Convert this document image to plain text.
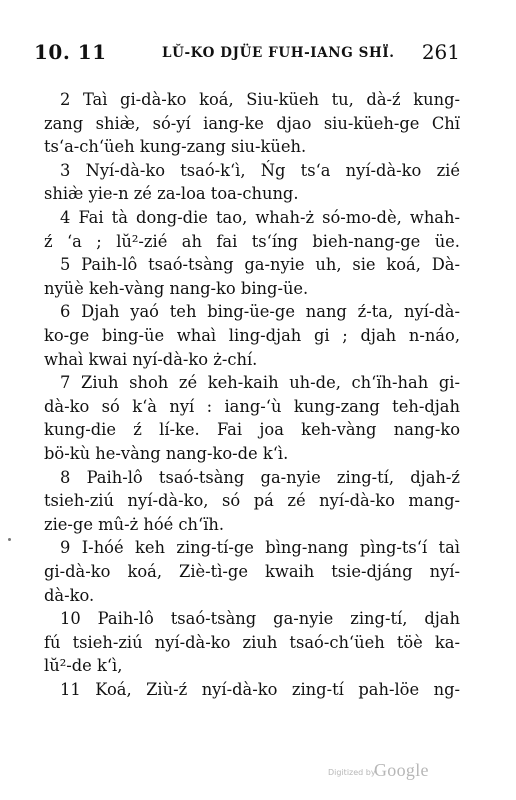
10. 11	LŬ-KO DJÜE FUH-IANG SHÏ. 261
2 Taì gi-dà-ko koá, Siu-küeh tu, dà-ź kung-
zang shiæ̀, só-yí iang-ke djao siu-küeh-ge Chï
ts‘a-ch‘üeh kung-zang siu-küeh.
3 Nyí-dà-ko tsaó-k‘ì, Ńg ts‘a nyí-dà-ko zié
shiæ̀ yie-n zé za-loa toa-chung.
4 Fai tà dong-die tao, whah-ż só-mo-dè, whah-
ź ‘a ; lŭ²-zié ah fai ts‘íng bieh-nang-ge üe.
5 Paih-lô tsaó-tsàng ga-nyie uh, sie koá, Dà-
nyüè keh-vàng nang-ko bing-üe.
6 Djah yaó teh bing-üe-ge nang ź-ta, nyí-dà-
ko-ge bing-üe whaì ling-djah gi ; djah n-náo,
whaì kwai nyí-dà-ko ż-chí.
7 Ziuh shoh zé keh-kaih uh-de, ch‘ïh-hah gi-
dà-ko só k‘à nyí : iang-‘ù kung-zang teh-djah
kung-die ź lí-ke. Fai joa keh-vàng nang-ko
bö-kù he-vàng nang-ko-de k‘ì.
8 Paih-lô tsaó-tsàng ga-nyie zing-tí, djah-ź
tsieh-ziú nyí-dà-ko, só pá zé nyí-dà-ko mang-
zie-ge mû-ż hóé ch‘ïh.
9 I-hóé keh zing-tí-ge bìng-nang pìng-ts‘í taì
gi-dà-ko koá, Ziè-tì-ge kwaih tsie-djáng nyí-
dà-ko.
10 Paih-lô tsaó-tsàng ga-nyie zing-tí, djah
fú tsieh-ziú nyí-dà-ko ziuh tsaó-ch‘üeh töè ka-
lŭ²-de k‘ì,
11 Koá, Ziù-ź nyí-dà-ko zing-tí pah-löe ng-
Digitized by
Google
